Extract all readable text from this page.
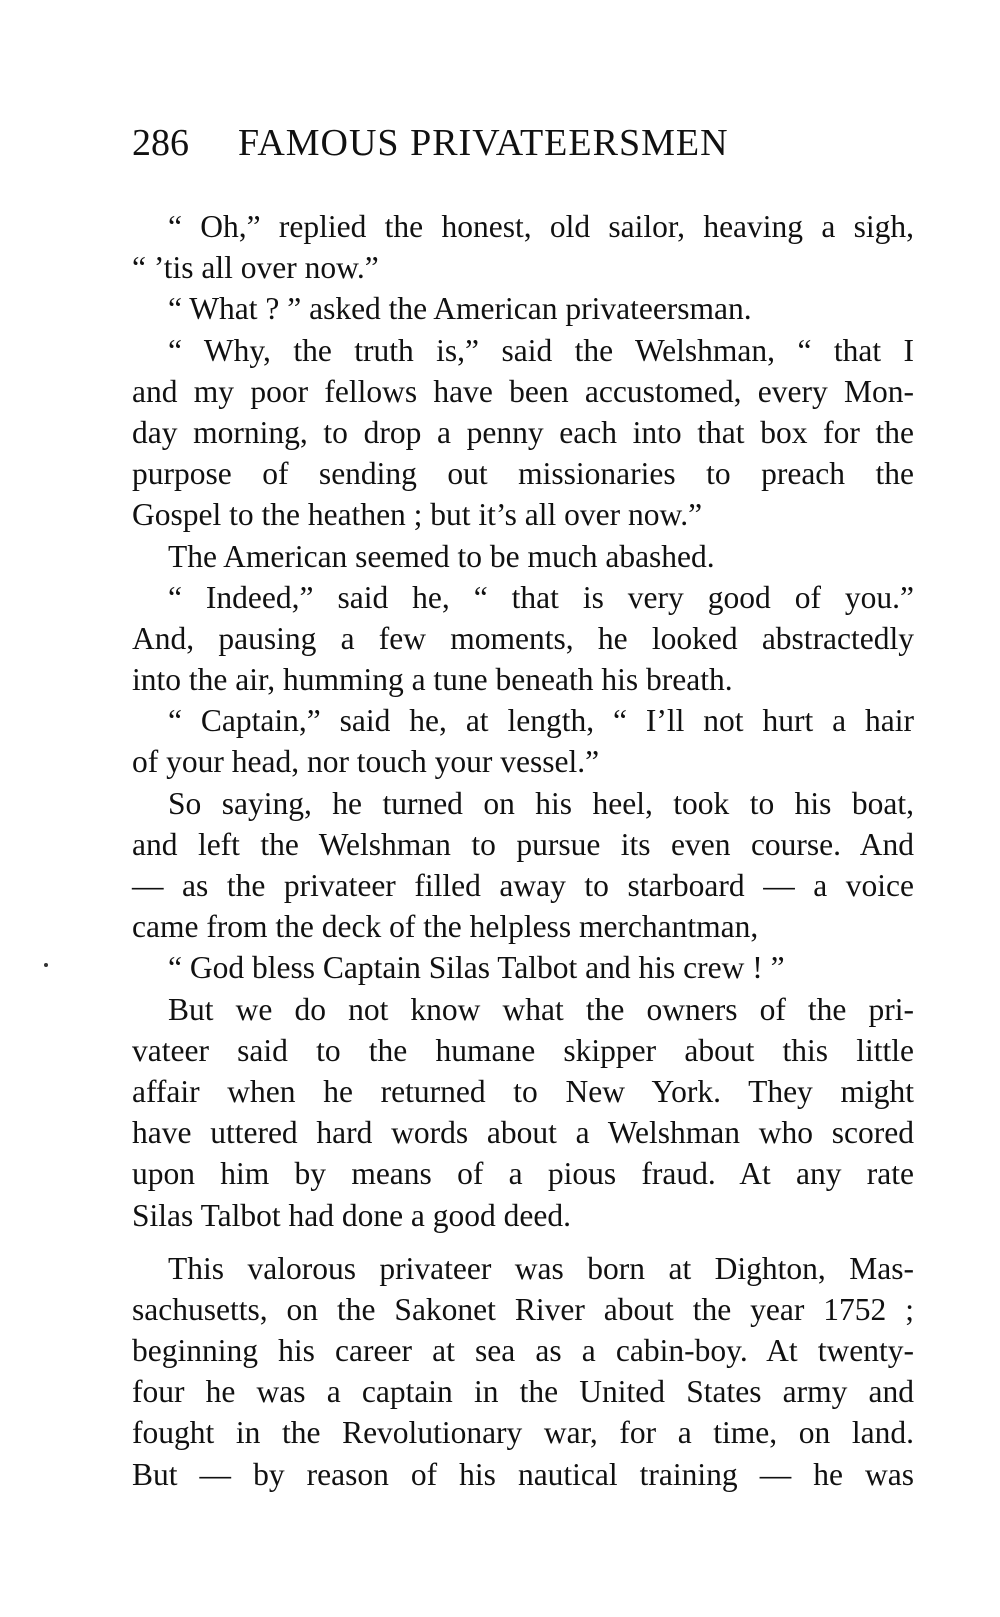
286 FAMOUS PRIVATEERSMEN
“ Oh,” replied the honest, old sailor, heaving a sigh,
“ ’tis all over now.”
“ What ? ” asked the American privateersman.
“ Why, the truth is,” said the Welshman, “ that I
and my poor fellows have been accustomed, every Mon-
day morning, to drop a penny each into that box for the
purpose of sending out missionaries to preach the
Gospel to the heathen ; but it’s all over now.”
The American seemed to be much abashed.
“ Indeed,” said he, “ that is very good of you.”
And, pausing a few moments, he looked abstractedly
into the air, humming a tune beneath his breath.
“ Captain,” said he, at length, “ I’ll not hurt a hair
of your head, nor touch your vessel.”
So saying, he turned on his heel, took to his boat,
and left the Welshman to pursue its even course. And
— as the privateer filled away to starboard — a voice
came from the deck of the helpless merchantman,
“ God bless Captain Silas Talbot and his crew ! ”
But we do not know what the owners of the pri-
vateer said to the humane skipper about this little
affair when he returned to New York. They might
have uttered hard words about a Welshman who scored
upon him by means of a pious fraud. At any rate
Silas Talbot had done a good deed.
This valorous privateer was born at Dighton, Mas-
sachusetts, on the Sakonet River about the year 1752 ;
beginning his career at sea as a cabin-boy. At twenty-
four he was a captain in the United States army and
fought in the Revolutionary war, for a time, on land.
But — by reason of his nautical training — he was
